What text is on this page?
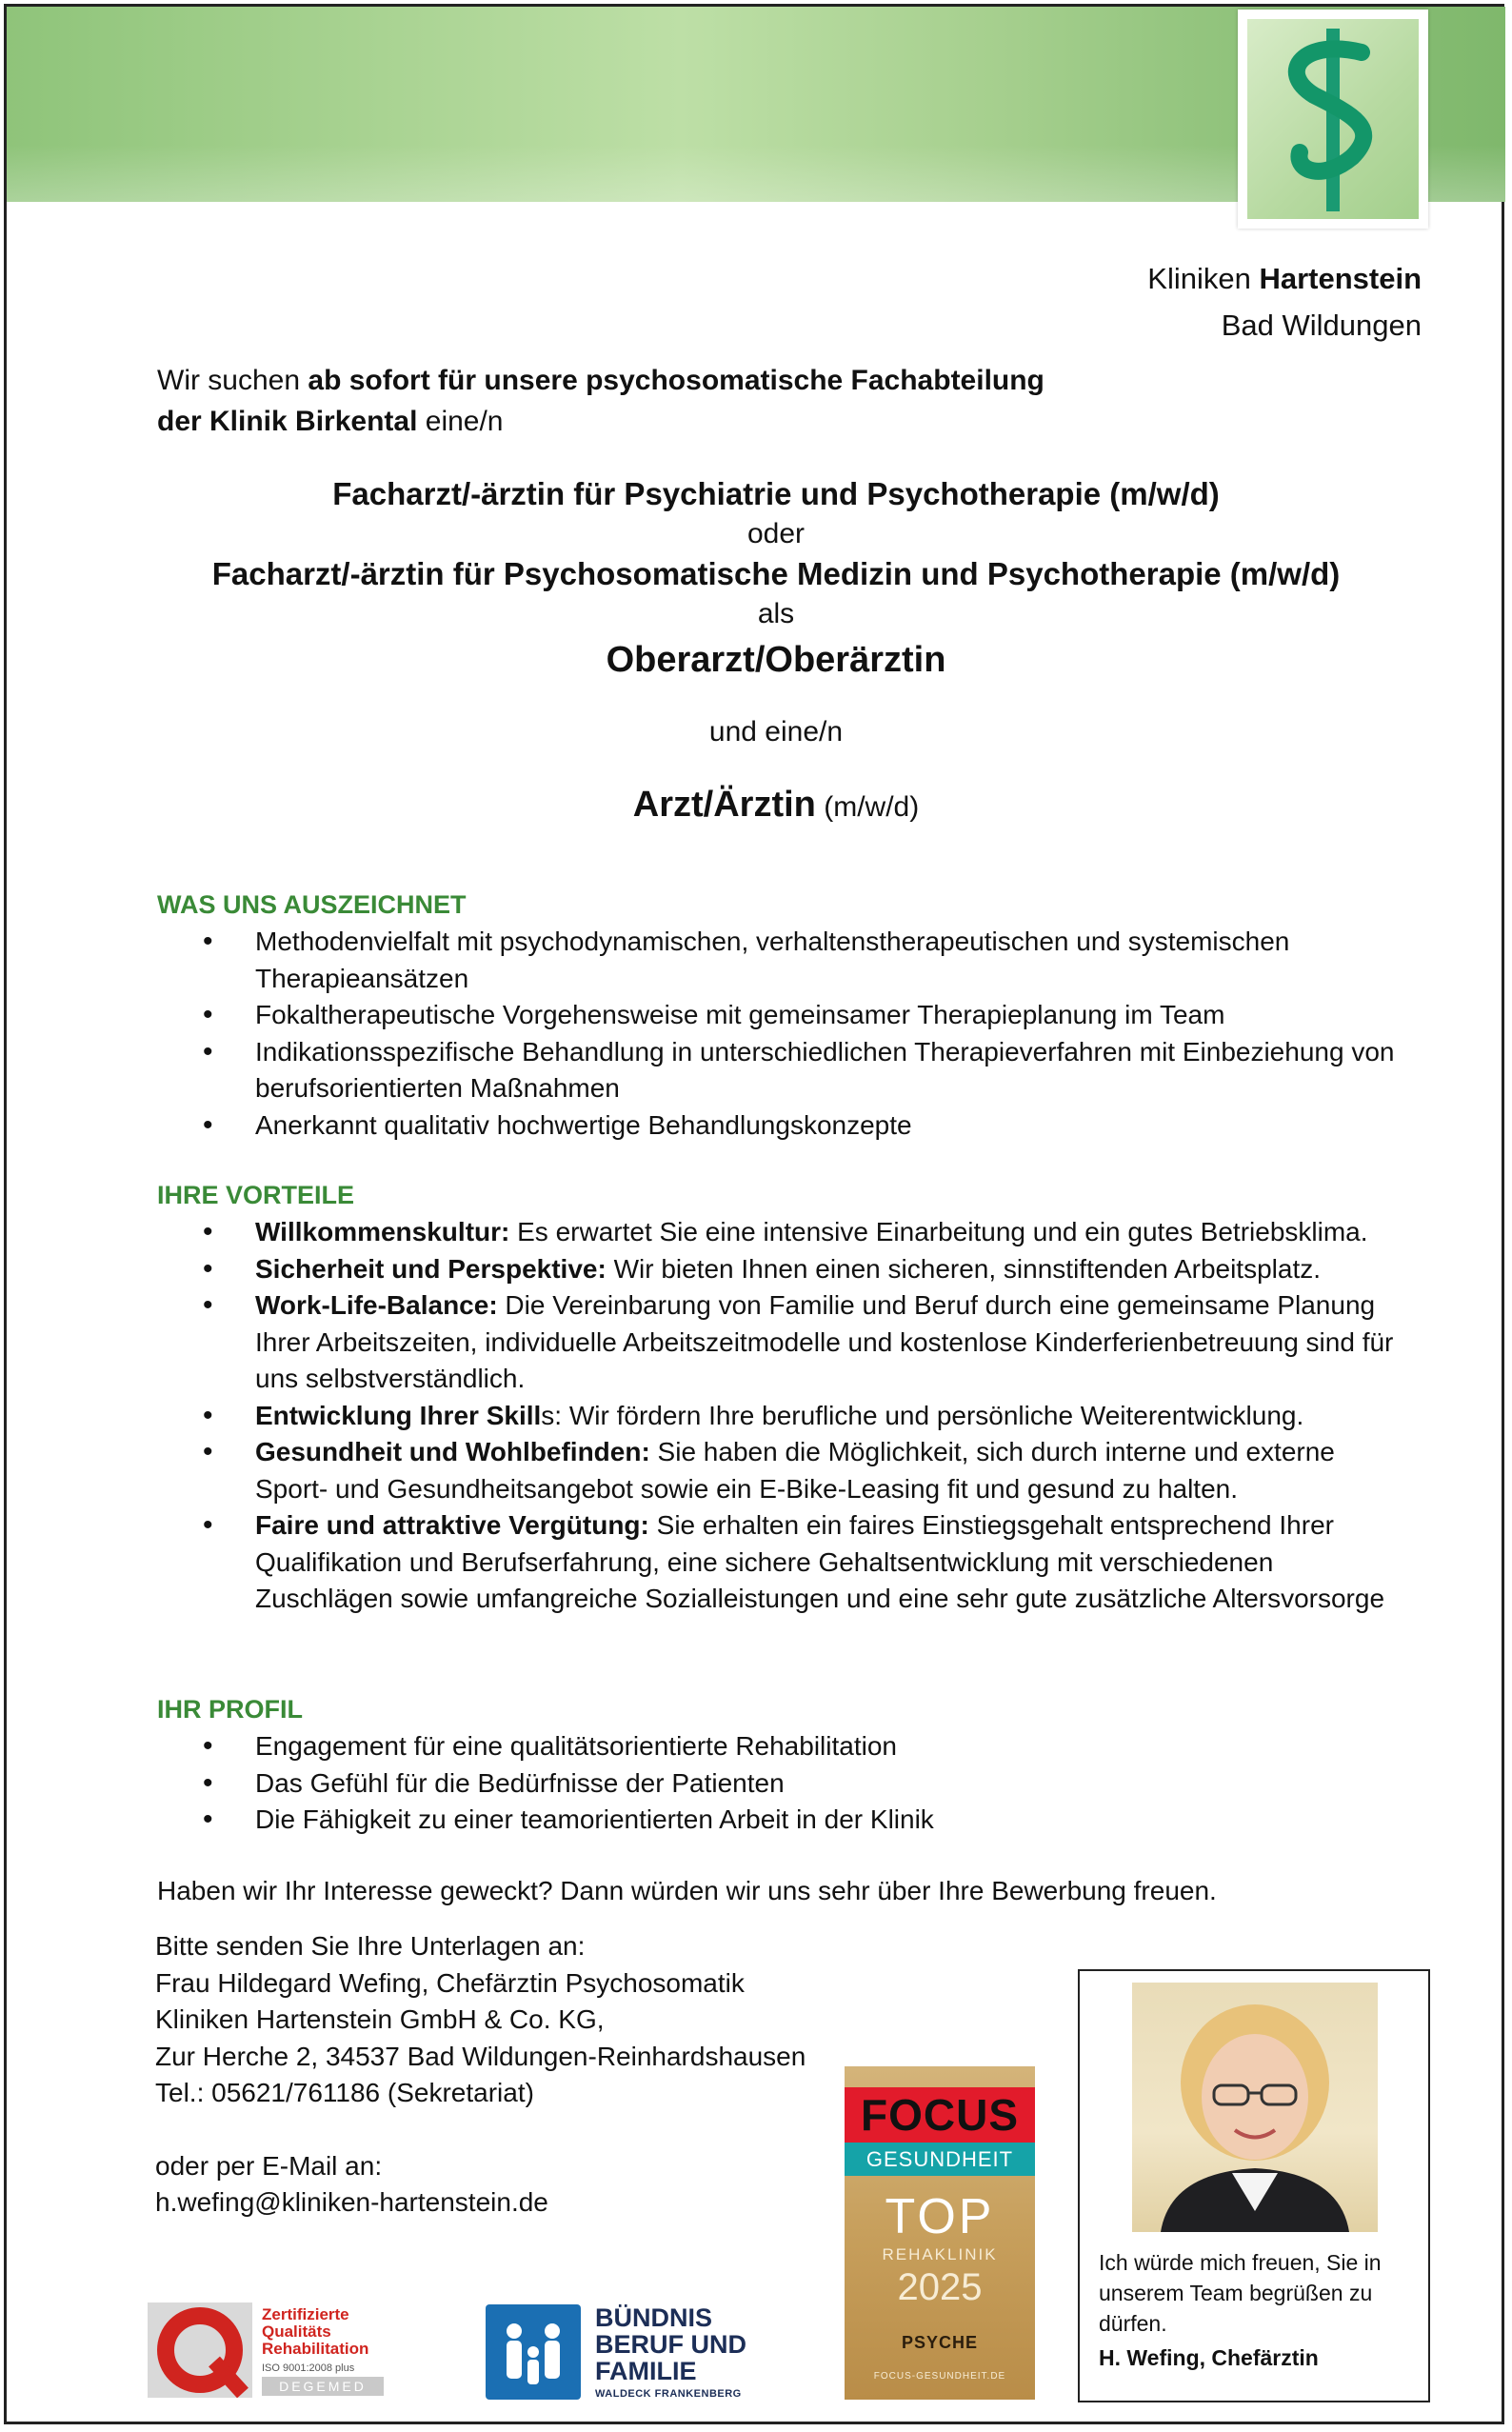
Kliniken Hartenstein
Bad Wildungen
Wir suchen ab sofort für unsere psychosomatische Fachabteilung
der Klinik Birkental eine/n
Facharzt/-ärztin für Psychiatrie und Psychotherapie (m/w/d)
oder
Facharzt/-ärztin für Psychosomatische Medizin und Psychotherapie (m/w/d)
als
Oberarzt/Oberärztin
und eine/n
Arzt/Ärztin (m/w/d)
WAS UNS AUSZEICHNET
• Methodenvielfalt mit psychodynamischen, verhaltenstherapeutischen und systemischen Therapieansätzen
• Fokaltherapeutische Vorgehensweise mit gemeinsamer Therapieplanung im Team
• Indikationsspezifische Behandlung in unterschiedlichen Therapieverfahren mit Einbeziehung von berufsorientierten Maßnahmen
• Anerkannt qualitativ hochwertige Behandlungskonzepte
IHRE VORTEILE
• Willkommenskultur: Es erwartet Sie eine intensive Einarbeitung und ein gutes Betriebsklima.
• Sicherheit und Perspektive: Wir bieten Ihnen einen sicheren, sinnstiftenden Arbeitsplatz.
• Work-Life-Balance: Die Vereinbarung von Familie und Beruf durch eine gemeinsame Planung Ihrer Arbeitszeiten, individuelle Arbeitszeitmodelle und kostenlose Kinderferienbetreuung sind für uns selbstverständlich.
• Entwicklung Ihrer Skills: Wir fördern Ihre berufliche und persönliche Weiterentwicklung.
• Gesundheit und Wohlbefinden: Sie haben die Möglichkeit, sich durch interne und externe Sport- und Gesundheitsangebot sowie ein E-Bike-Leasing fit und gesund zu halten.
• Faire und attraktive Vergütung: Sie erhalten ein faires Einstiegsgehalt entsprechend Ihrer Qualifikation und Berufserfahrung, eine sichere Gehaltsentwicklung mit verschiedenen Zuschlägen sowie umfangreiche Sozialleistungen und eine sehr gute zusätzliche Altersvorsorge
IHR PROFIL
• Engagement für eine qualitätsorientierte Rehabilitation
• Das Gefühl für die Bedürfnisse der Patienten
• Die Fähigkeit zu einer teamorientierten Arbeit in der Klinik
Haben wir Ihr Interesse geweckt? Dann würden wir uns sehr über Ihre Bewerbung freuen.
Bitte senden Sie Ihre Unterlagen an:
Frau Hildegard Wefing, Chefärztin Psychosomatik
Kliniken Hartenstein GmbH & Co. KG,
Zur Herche 2, 34537 Bad Wildungen-Reinhardshausen
Tel.: 05621/761186 (Sekretariat)
oder per E-Mail an:
h.wefing@kliniken-hartenstein.de
Ich würde mich freuen, Sie in unserem Team begrüßen zu dürfen.
H. Wefing, Chefärztin
FOCUS
GESUNDHEIT
TOP
REHAKLINIK
2025
PSYCHE
FOCUS-GESUNDHEIT.DE
Zertifizierte
Qualitäts
Rehabilitation
ISO 9001:2008 plus
DEGEMED
BÜNDNIS
BERUF UND
FAMILIE
WALDECK FRANKENBERG
